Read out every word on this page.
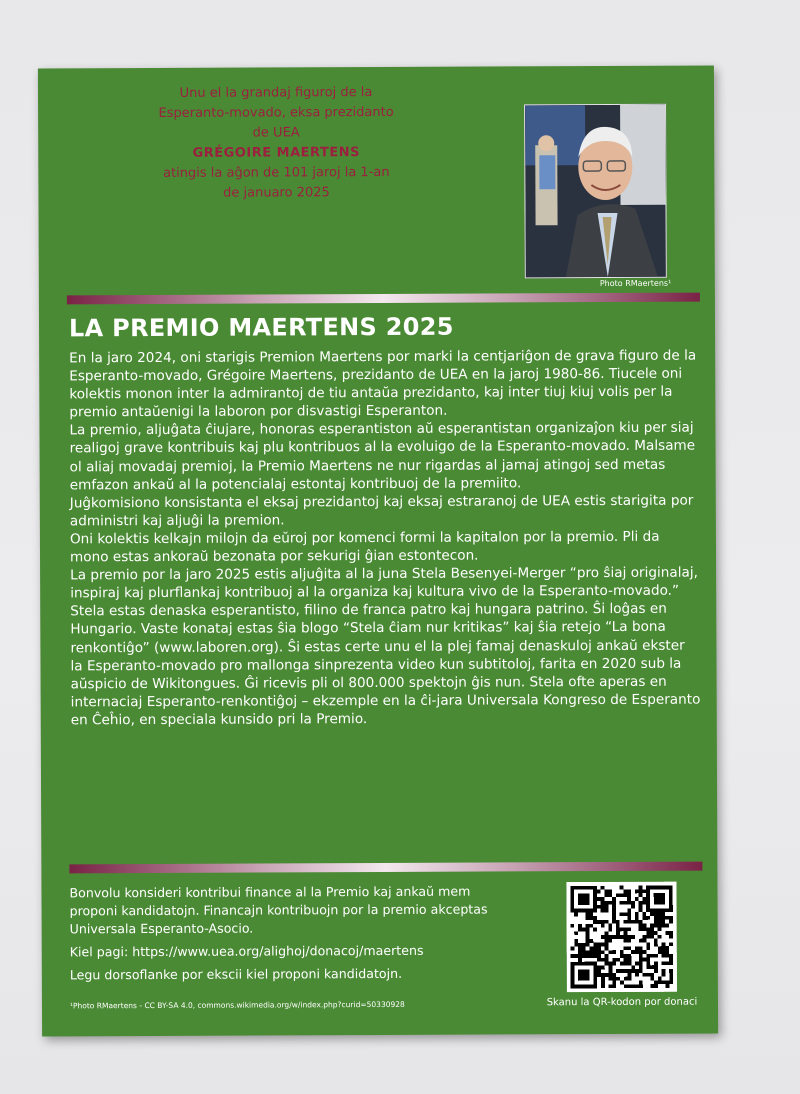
Unu el la grandaj figuroj de la
Esperanto-movado, eksa prezidanto
de UEA
GRÉGOIRE MAERTENS
atingis la aĝon de 101 jaroj la 1-an
de januaro 2025
Photo RMaertens¹
LA PREMIO MAERTENS 2025

En la jaro 2024, oni starigis Premion Maertens por marki la centjariĝon de grava figuro de la Esperanto-movado, Grégoire Maertens, prezidanto de UEA en la jaroj 1980-86. Tiucele oni kolektis monon inter la admirantoj de tiu antaŭa prezidanto, kaj inter tiuj kiuj volis per la premio antaŭenigi la laboron por disvastigi Esperanton.

La premio, aljuĝata ĉiujare, honoras esperantiston aŭ esperantistan organizaĵon kiu per siaj realigoj grave kontribuis kaj plu kontribuos al la evoluigo de la Esperanto-movado. Malsame ol aliaj movadaj premioj, la Premio Maertens ne nur rigardas al jamaj atingoj sed metas emfazon ankaŭ al la potencialaj estontaj kontribuoj de la premiito.

Juĝkomisiono konsistanta el eksaj prezidantoj kaj eksaj estraranoj de UEA estis starigita por administri kaj aljuĝi la premion.

Oni kolektis kelkajn milojn da eŭroj por komenci formi la kapitalon por la premio. Pli da mono estas ankoraŭ bezonata por sekurigi ĝian estontecon.

La premio por la jaro 2025 estis aljuĝita al la juna Stela Besenyei-Merger “pro ŝiaj originalaj, inspiraj kaj plurflankaj kontribuoj al la organiza kaj kultura vivo de la Esperanto-movado.” Stela estas denaska esperantisto, filino de franca patro kaj hungara patrino. Ŝi loĝas en Hungario. Vaste konataj estas ŝia blogo “Stela ĉiam nur kritikas” kaj ŝia retejo “La bona renkontiĝo” (www.laboren.org). Ŝi estas certe unu el la plej famaj denaskuloj ankaŭ ekster la Esperanto-movado pro mallonga sinprezenta video kun subtitoloj, farita en 2020 sub la aŭspicio de Wikitongues. Ĝi ricevis pli ol 800.000 spektojn ĝis nun. Stela ofte aperas en internaciaj Esperanto-renkontiĝoj – ekzemple en la ĉi-jara Universala Kongreso de Esperanto en Ĉeĥio, en speciala kunsido pri la Premio.

Bonvolu konsideri kontribui finance al la Premio kaj ankaŭ mem proponi kandidatojn. Financajn kontribuojn por la premio akceptas Universala Esperanto-Asocio.

Kiel pagi: https://www.uea.org/alighoj/donacoj/maertens

Legu dorsoflanke por ekscii kiel proponi kandidatojn.

Skanu la QR-kodon por donaci
¹Photo RMaertens - CC BY-SA 4.0, commons.wikimedia.org/w/index.php?curid=50330928
